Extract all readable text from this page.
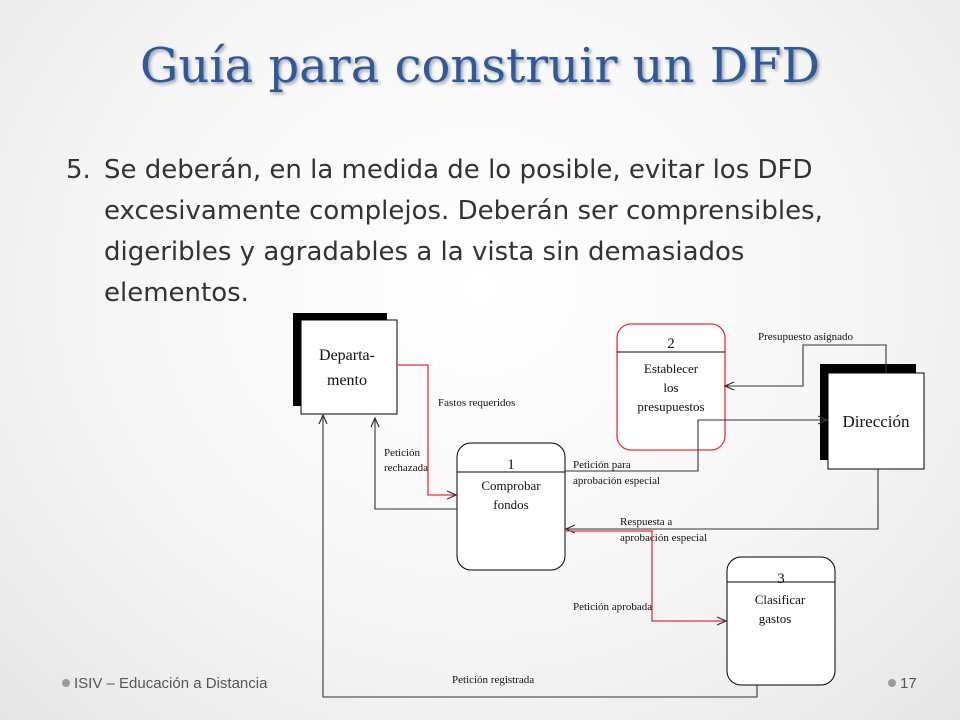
Guía para construir un DFD
5. Se deberán, en la medida de lo posible, evitar los DFD excesivamente complejos. Deberán ser comprensibles, digeribles y agradables a la vista sin demasiados elementos.
Departa-
mento
Dirección
2
Establecer
los
presupuestos
1
Comprobar
fondos
3
Clasificar
gastos
Fastos requeridos
Petición
rechazada	Petición para
aprobación especial
Presupuesto asignado
Respuesta a
aprobación especial
Petición aprobada
Petición registrada
ISIV – Educación a Distancia	17
